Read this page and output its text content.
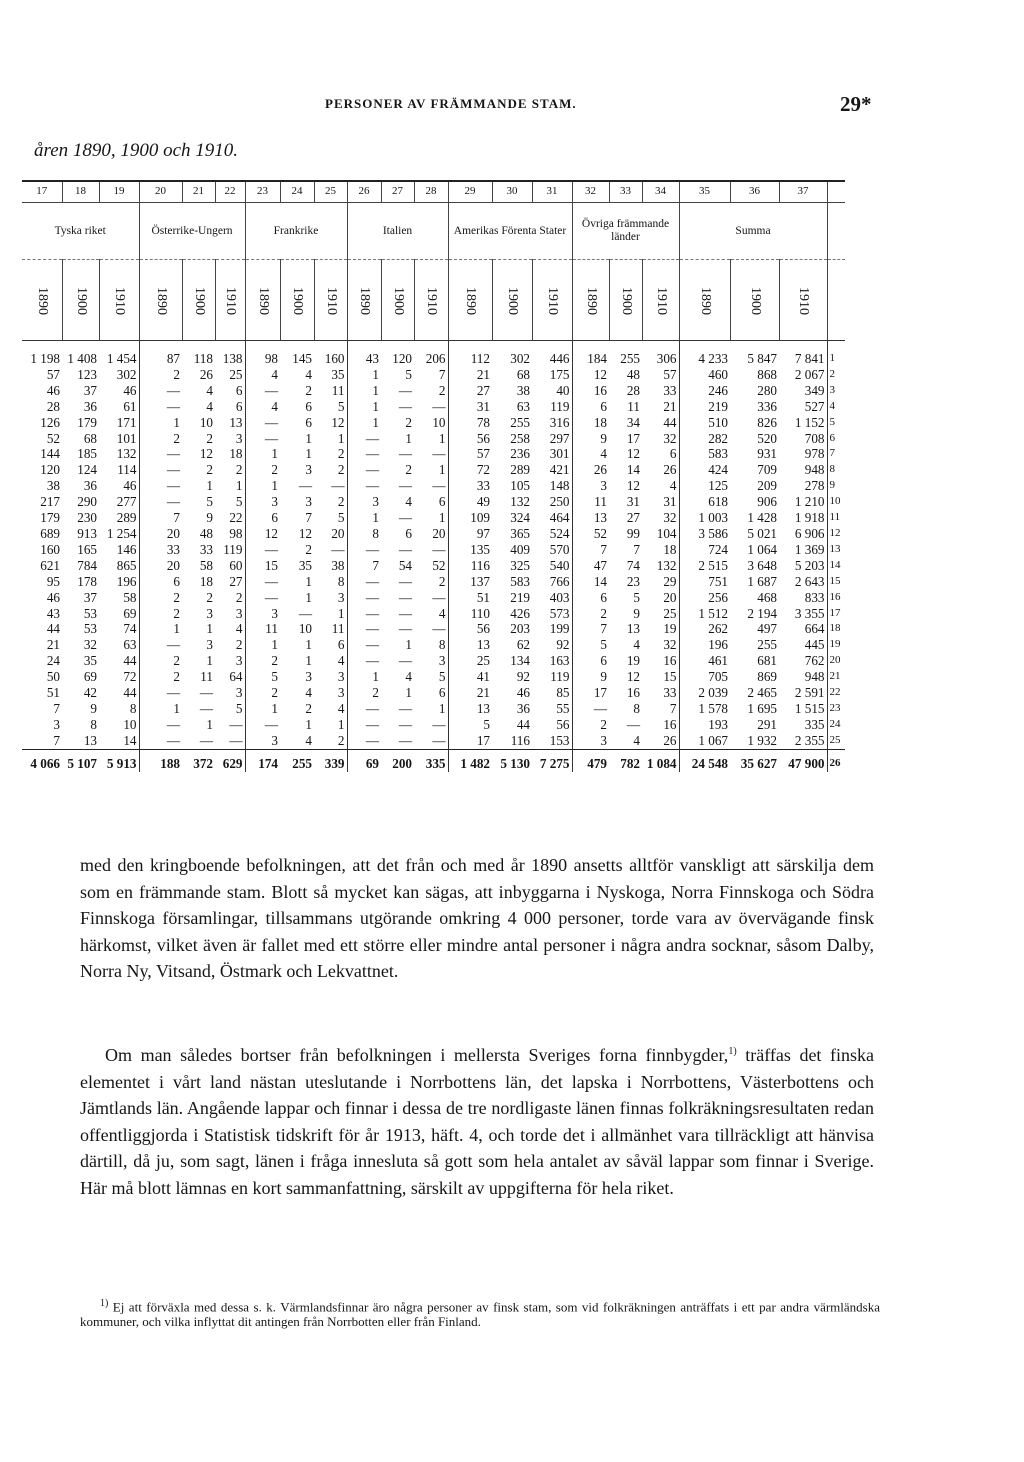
åren 1890, 1900 och 1910.
PERSONER AV FRÄMMANDE STAM.	29*
17	18	19	20	21	22	23	24	25	26	27	28	29	30	31	32	33	34	35	36	37	
Tyska riket			Österrike-Ungern			Frankrike			Italien			Amerikas Förenta Stater			Övriga främmande länder			Summa			
1890	1900	1910	1890	1900	1910	1890	1900	1910	1890	1900	1910	1890	1900	1910	1890	1900	1910	1890	1900	1910	
1 198	1 408	1 454	87	118	138	98	145	160	43	120	206	112	302	446	184	255	306	4 233	5 847	7 841	1
57	123	302	2	26	25	4	4	35	1	5	7	21	68	175	12	48	57	460	868	2 067	2
46	37	46	—	4	6	—	2	11	1	—	2	27	38	40	16	28	33	246	280	349	3
28	36	61	—	4	6	4	6	5	1	—	—	31	63	119	6	11	21	219	336	527	4
126	179	171	1	10	13	—	6	12	1	2	10	78	255	316	18	34	44	510	826	1 152	5
52	68	101	2	2	3	—	1	1	—	1	1	56	258	297	9	17	32	282	520	708	6
144	185	132	—	12	18	1	1	2	—	—	—	57	236	301	4	12	6	583	931	978	7
120	124	114	—	2	2	2	3	2	—	2	1	72	289	421	26	14	26	424	709	948	8
38	36	46	—	1	1	1	—	—	—	—	—	33	105	148	3	12	4	125	209	278	9
217	290	277	—	5	5	3	3	2	3	4	6	49	132	250	11	31	31	618	906	1 210	10
179	230	289	7	9	22	6	7	5	1	—	1	109	324	464	13	27	32	1 003	1 428	1 918	11
689	913	1 254	20	48	98	12	12	20	8	6	20	97	365	524	52	99	104	3 586	5 021	6 906	12
160	165	146	33	33	119	—	2	—	—	—	—	135	409	570	7	7	18	724	1 064	1 369	13
621	784	865	20	58	60	15	35	38	7	54	52	116	325	540	47	74	132	2 515	3 648	5 203	14
95	178	196	6	18	27	—	1	8	—	—	2	137	583	766	14	23	29	751	1 687	2 643	15
46	37	58	2	2	2	—	1	3	—	—	—	51	219	403	6	5	20	256	468	833	16
43	53	69	2	3	3	3	—	1	—	—	4	110	426	573	2	9	25	1 512	2 194	3 355	17
44	53	74	1	1	4	11	10	11	—	—	—	56	203	199	7	13	19	262	497	664	18
21	32	63	—	3	2	1	1	6	—	1	8	13	62	92	5	4	32	196	255	445	19
24	35	44	2	1	3	2	1	4	—	—	3	25	134	163	6	19	16	461	681	762	20
50	69	72	2	11	64	5	3	3	1	4	5	41	92	119	9	12	15	705	869	948	21
51	42	44	—	—	3	2	4	3	2	1	6	21	46	85	17	16	33	2 039	2 465	2 591	22
7	9	8	1	—	5	1	2	4	—	—	1	13	36	55	—	8	7	1 578	1 695	1 515	23
3	8	10	—	1	—	—	1	1	—	—	—	5	44	56	2	—	16	193	291	335	24
7	13	14	—	—	—	3	4	2	—	—	—	17	116	153	3	4	26	1 067	1 932	2 355	25
4 066	5 107	5 913	188	372	629	174	255	339	69	200	335	1 482	5 130	7 275	479	782	1 084	24 548	35 627	47 900	26
med den kringboende befolkningen, att det från och med år 1890 ansetts alltför vanskligt att särskilja dem som en främmande stam. Blott så mycket kan sägas, att inbyggarna i Nyskoga, Norra Finnskoga och Södra Finnskoga församlingar, tillsammans utgörande omkring 4 000 personer, torde vara av övervägande finsk härkomst, vilket även är fallet med ett större eller mindre antal personer i några andra socknar, såsom Dalby, Norra Ny, Vitsand, Östmark och Lekvattnet.
Om man således bortser från befolkningen i mellersta Sveriges forna finnbygder,$^{1)}$ träffas det finska elementet i vårt land nästan uteslutande i Norrbottens län, det lapska i Norrbottens, Västerbottens och Jämtlands län. Angående lappar och finnar i dessa de tre nordligaste länen finnas folkräkningsresultaten redan offentliggjorda i Statistisk tidskrift för år 1913, häft. 4, och torde det i allmänhet vara tillräckligt att hänvisa därtill, då ju, som sagt, länen i fråga innesluta så gott som hela antalet av såväl lappar som finnar i Sverige. Här må blott lämnas en kort sammanfattning, särskilt av uppgifterna för hela riket.
$^{1)}$ Ej att förväxla med dessa s. k. Värmlandsfinnar äro några personer av finsk stam, som vid folkräkningen anträffats i ett par andra värmländska kommuner, och vilka inflyttat dit antingen från Norrbotten eller från Finland.
